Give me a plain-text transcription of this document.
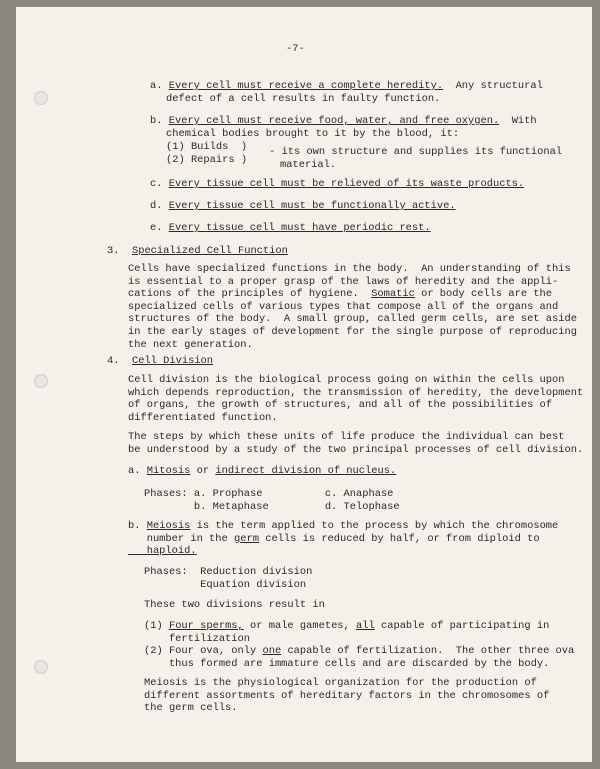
-7-
a. Every cell must receive a complete heredity.  Any structural
defect of a cell results in faulty function.
b. Every cell must receive food, water, and free oxygen.  With
chemical bodies brought to it by the blood, it:
(1) Builds  )
(2) Repairs )
- its own structure and supplies its functional
material.
c. Every tissue cell must be relieved of its waste products.
d. Every tissue cell must be functionally active.
e. Every tissue cell must have periodic rest.
3. Specialized Cell Function
Cells have specialized functions in the body.  An understanding of this
is essential to a proper grasp of the laws of heredity and the appli-
cations of the principles of hygiene.  Somatic or body cells are the
specialized cells of various types that compose all of the organs and
structures of the body.  A small group, called germ cells, are set aside
in the early stages of development for the single purpose of reproducing
the next generation.
4. Cell Division
Cell division is the biological process going on within the cells upon
which depends reproduction, the transmission of heredity, the development
of organs, the growth of structures, and all of the possibilities of
differentiated function.
The steps by which these units of life produce the individual can best
be understood by a study of the two principal processes of cell division.
a. Mitosis or indirect division of nucleus.
Phases: a. Prophase          c. Anaphase
b. Metaphase         d. Telophase
b. Meiosis is the term applied to the process by which the chromosome
number in the germ cells is reduced by half, or from diploid to
haploid.
Phases:  Reduction division
Equation division
These two divisions result in
(1) Four sperms, or male gametes, all capable of participating in
fertilization
(2) Four ova, only one capable of fertilization.  The other three ova
thus formed are immature cells and are discarded by the body.
Meiosis is the physiological organization for the production of
different assortments of hereditary factors in the chromosomes of
the germ cells.
